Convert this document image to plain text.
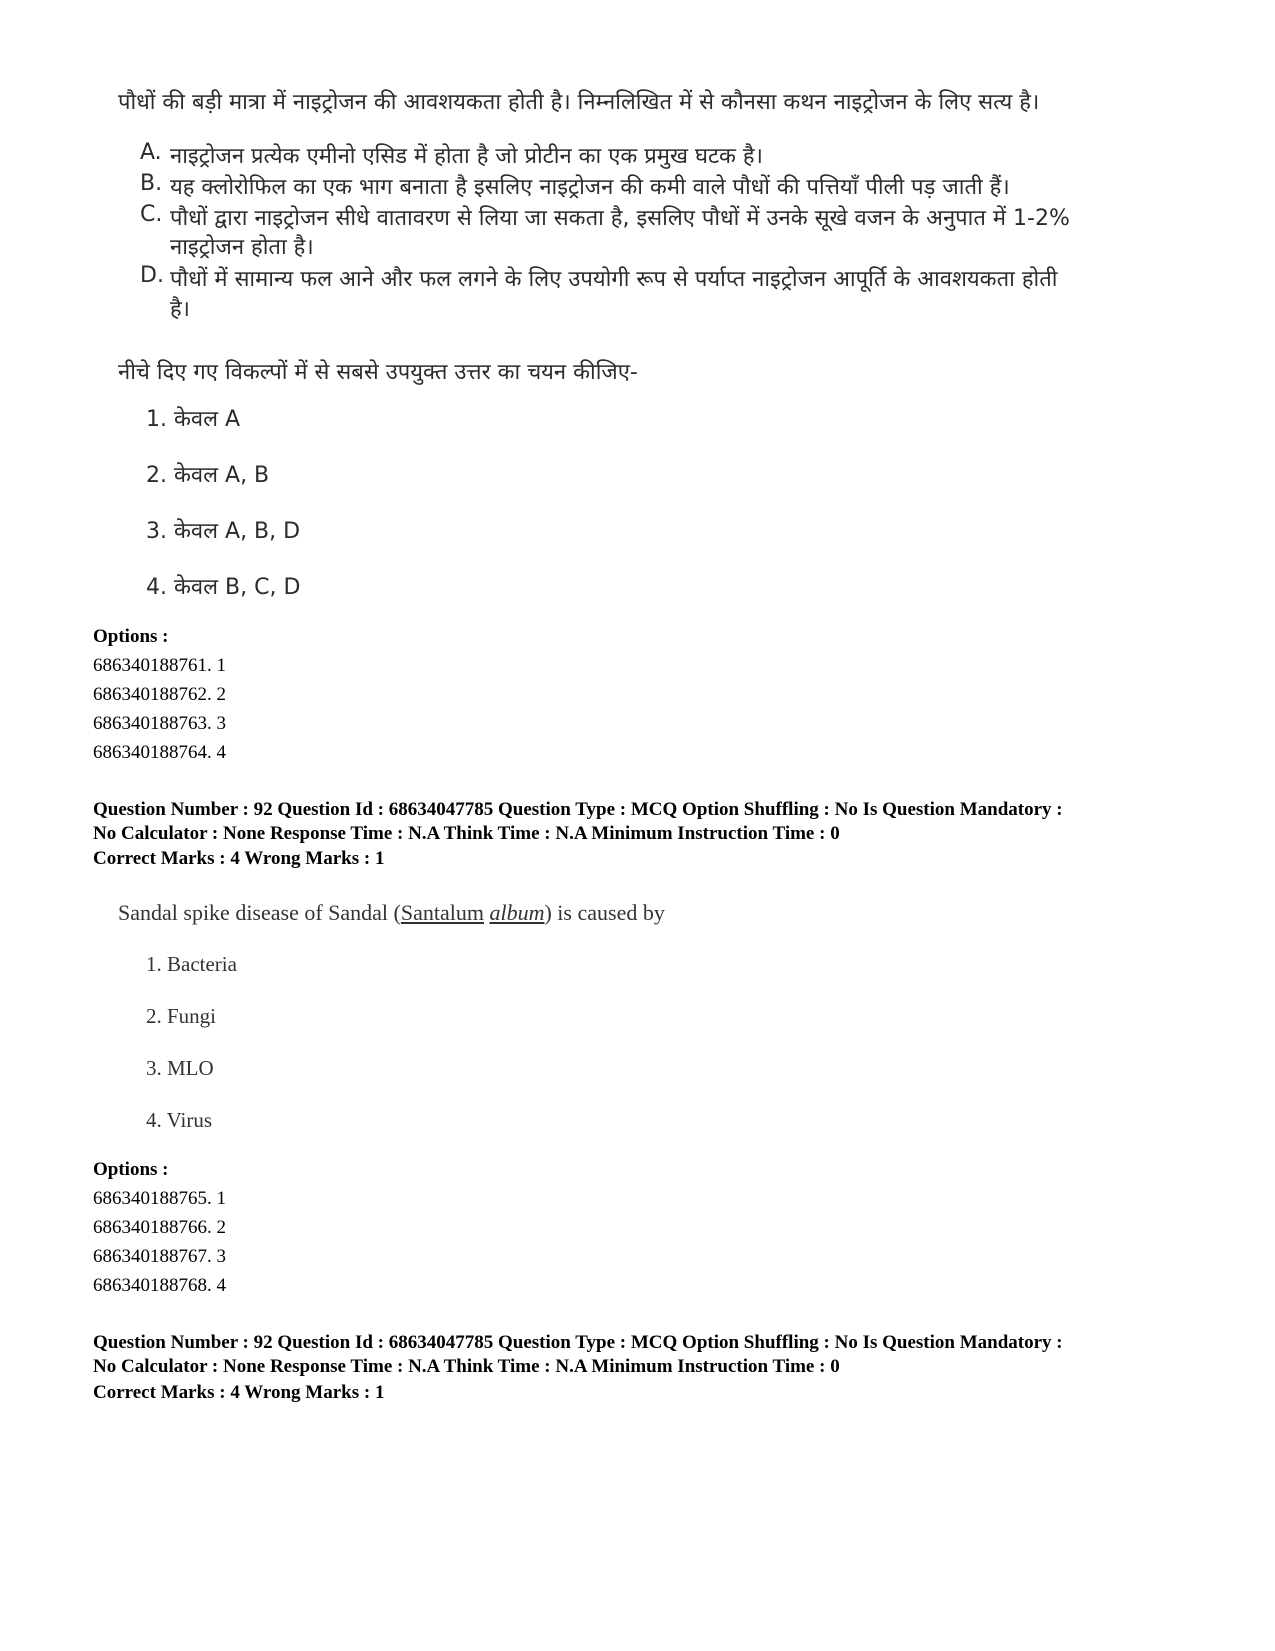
पौधों की बड़ी मात्रा में नाइट्रोजन की आवशयकता होती है। निम्नलिखित में से कौनसा कथन नाइट्रोजन के लिए सत्य है।
A. नाइट्रोजन प्रत्येक एमीनो एसिड में होता है जो प्रोटीन का एक प्रमुख घटक है।
B. यह क्लोरोफिल का एक भाग बनाता है इसलिए नाइट्रोजन की कमी वाले पौधों की पत्तियाँ पीली पड़ जाती हैं।
C. पौधों द्वारा नाइट्रोजन सीधे वातावरण से लिया जा सकता है, इसलिए पौधों में उनके सूखे वजन के अनुपात में 1-2%
नाइट्रोजन होता है।
D. पौधों में सामान्य फल आने और फल लगने के लिए उपयोगी रूप से पर्याप्त नाइट्रोजन आपूर्ति के आवशयकता होती
है।
नीचे दिए गए विकल्पों में से सबसे उपयुक्त उत्तर का चयन कीजिए-
1. केवल A
2. केवल A, B
3. केवल A, B, D
4. केवल B, C, D
Options :
686340188761. 1
686340188762. 2
686340188763. 3
686340188764. 4
Question Number : 92 Question Id : 68634047785 Question Type : MCQ Option Shuffling : No Is Question Mandatory :
No Calculator : None Response Time : N.A Think Time : N.A Minimum Instruction Time : 0
Correct Marks : 4 Wrong Marks : 1
Sandal spike disease of Sandal (Santalum album) is caused by
1. Bacteria
2. Fungi
3. MLO
4. Virus
Options :
686340188765. 1
686340188766. 2
686340188767. 3
686340188768. 4
Question Number : 92 Question Id : 68634047785 Question Type : MCQ Option Shuffling : No Is Question Mandatory :
No Calculator : None Response Time : N.A Think Time : N.A Minimum Instruction Time : 0
Correct Marks : 4 Wrong Marks : 1
